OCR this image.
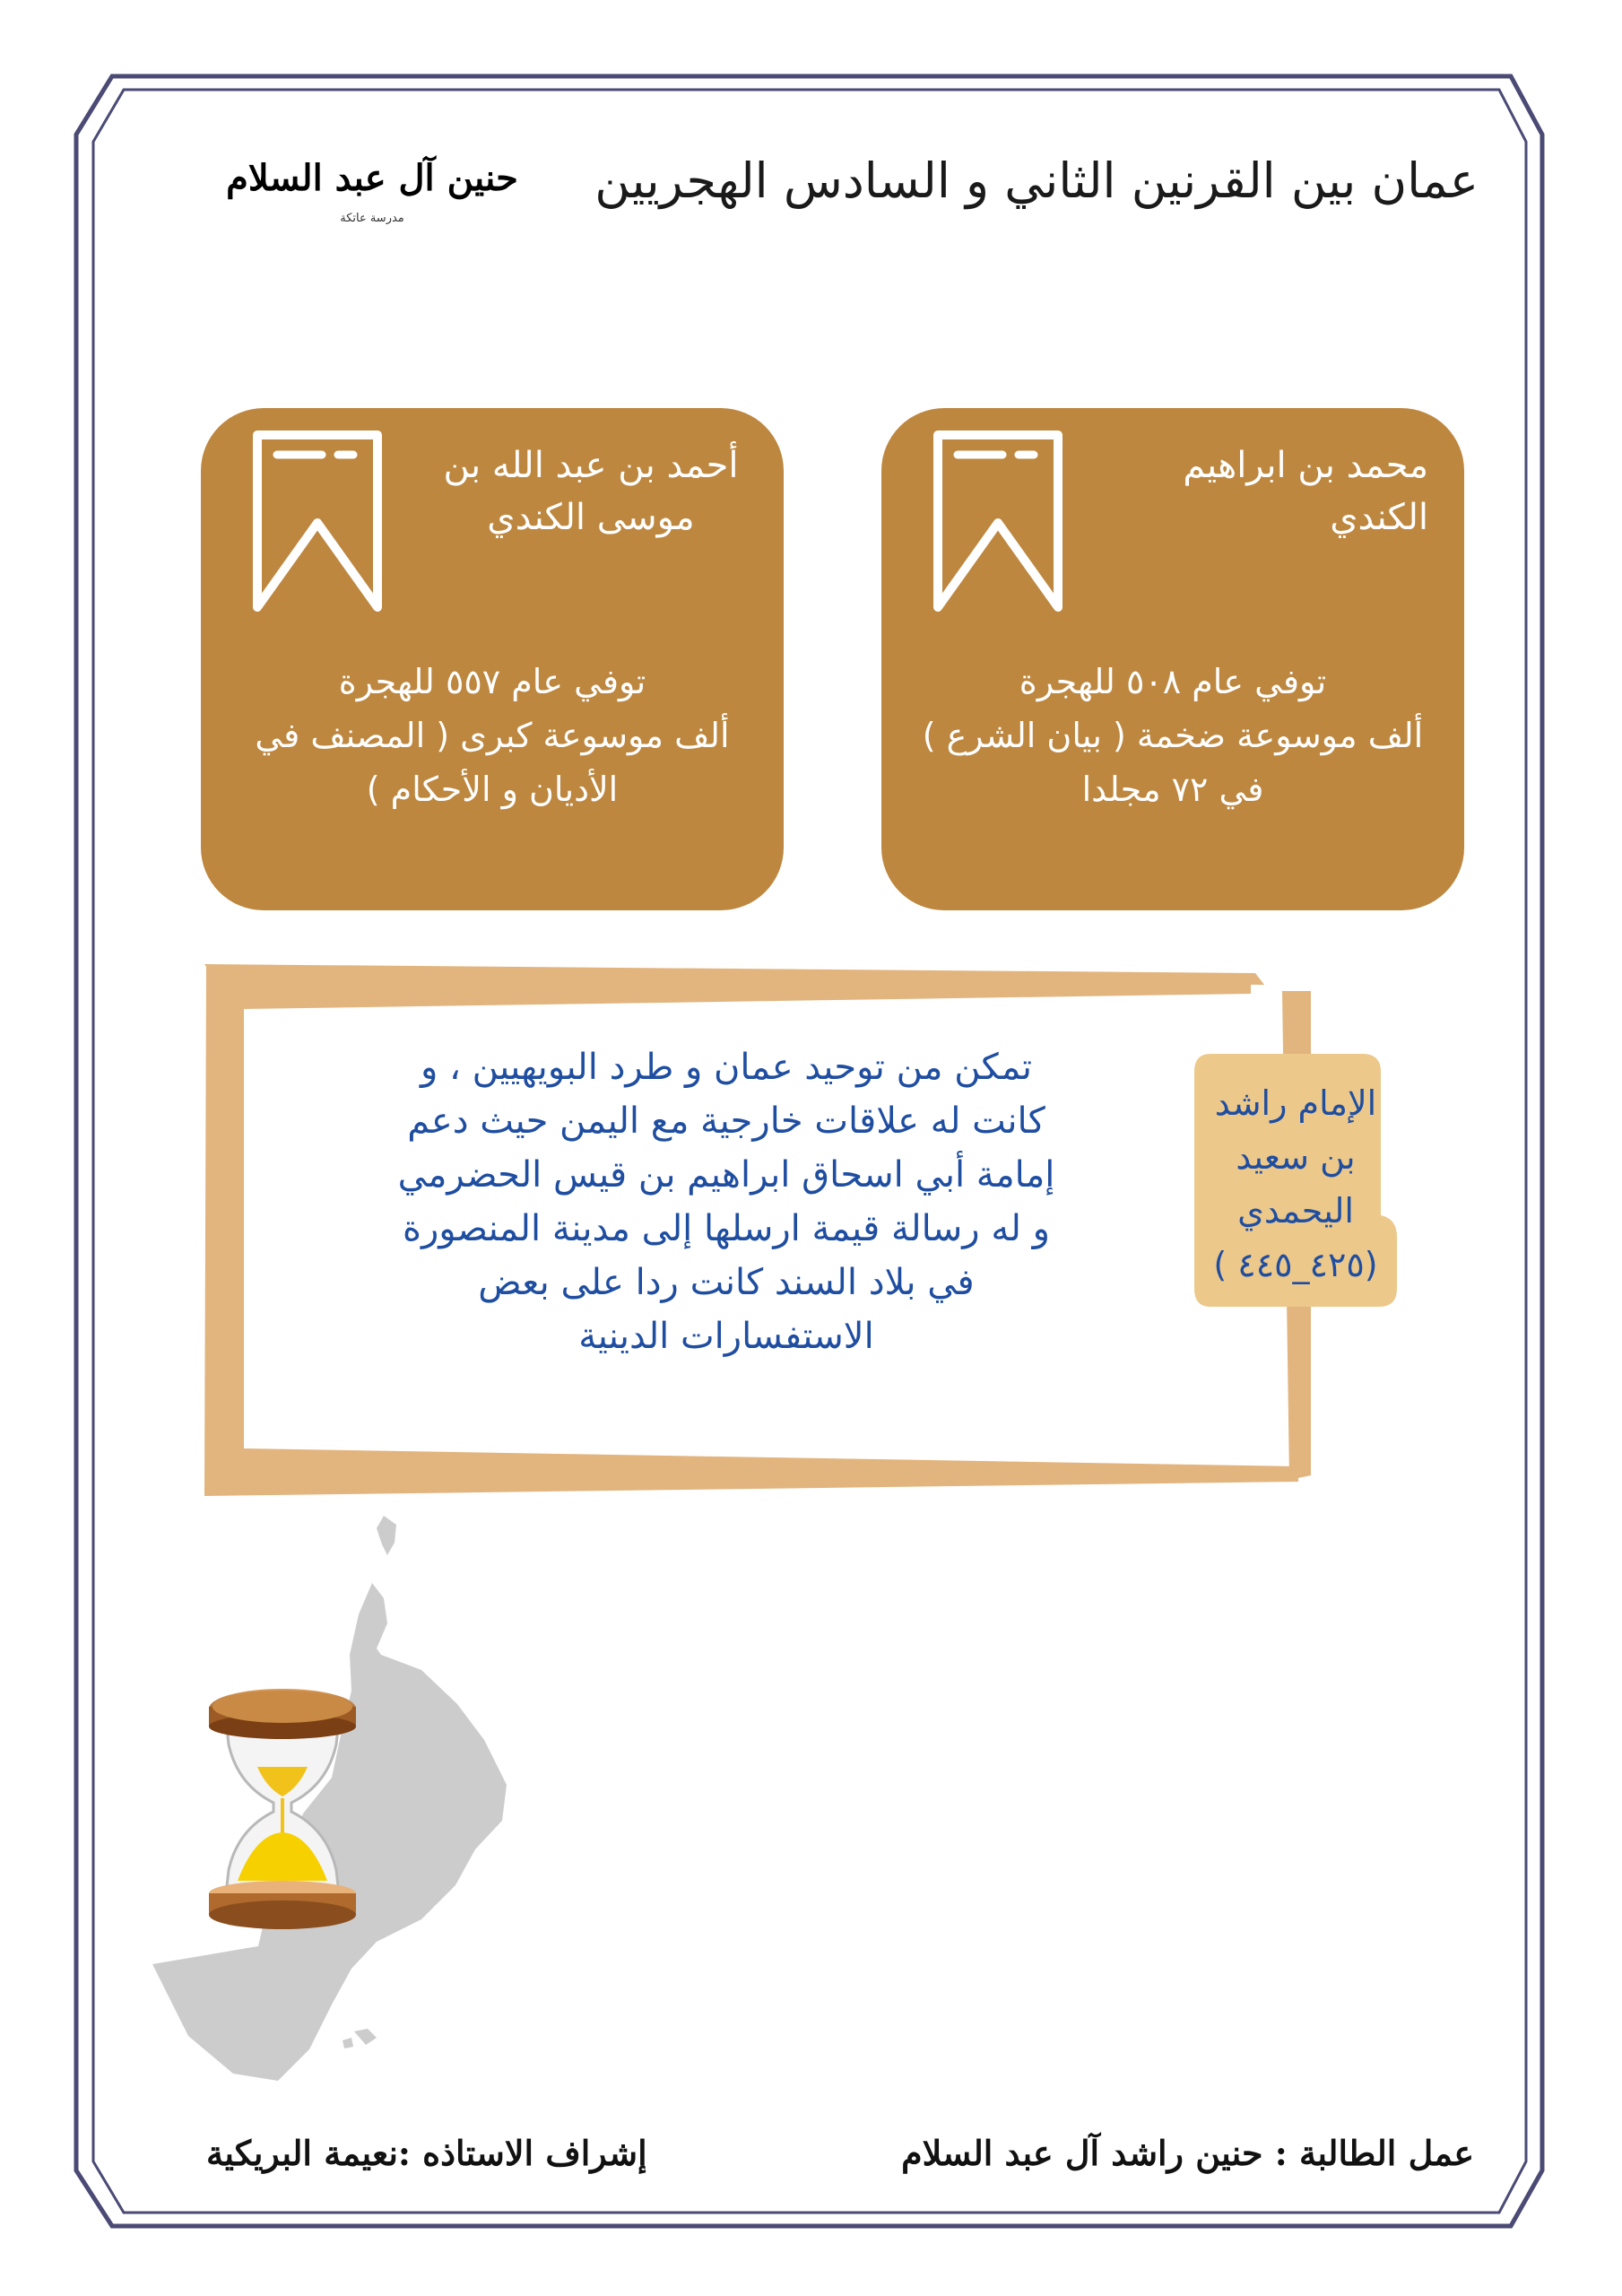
عمان بين القرنين الثاني و السادس الهجريين
حنين آل عبد السلام
مدرسة عاتكة
محمد بن ابراهيم الكندي
توفي عام ٥٠٨ للهجرة
ألف موسوعة ضخمة ( بيان الشرع )
في ٧٢ مجلدا
أحمد بن عبد الله بن موسى الكندي
توفي عام ٥٥٧ للهجرة
ألف موسوعة كبرى ( المصنف في
الأديان و الأحكام )
تمكن من توحيد عمان و طرد البويهيين ، و
كانت له علاقات خارجية مع اليمن حيث دعم
إمامة أبي اسحاق ابراهيم بن قيس الحضرمي
و له رسالة قيمة ارسلها إلى مدينة المنصورة
في بلاد السند كانت ردا على بعض
الاستفسارات الدينية
الإمام راشد
بن سعيد
اليحمدي
(٤٢٥_٤٤٥ )
عمل الطالبة : حنين راشد آل عبد السلام
إشراف الاستاذه :نعيمة البريكية
